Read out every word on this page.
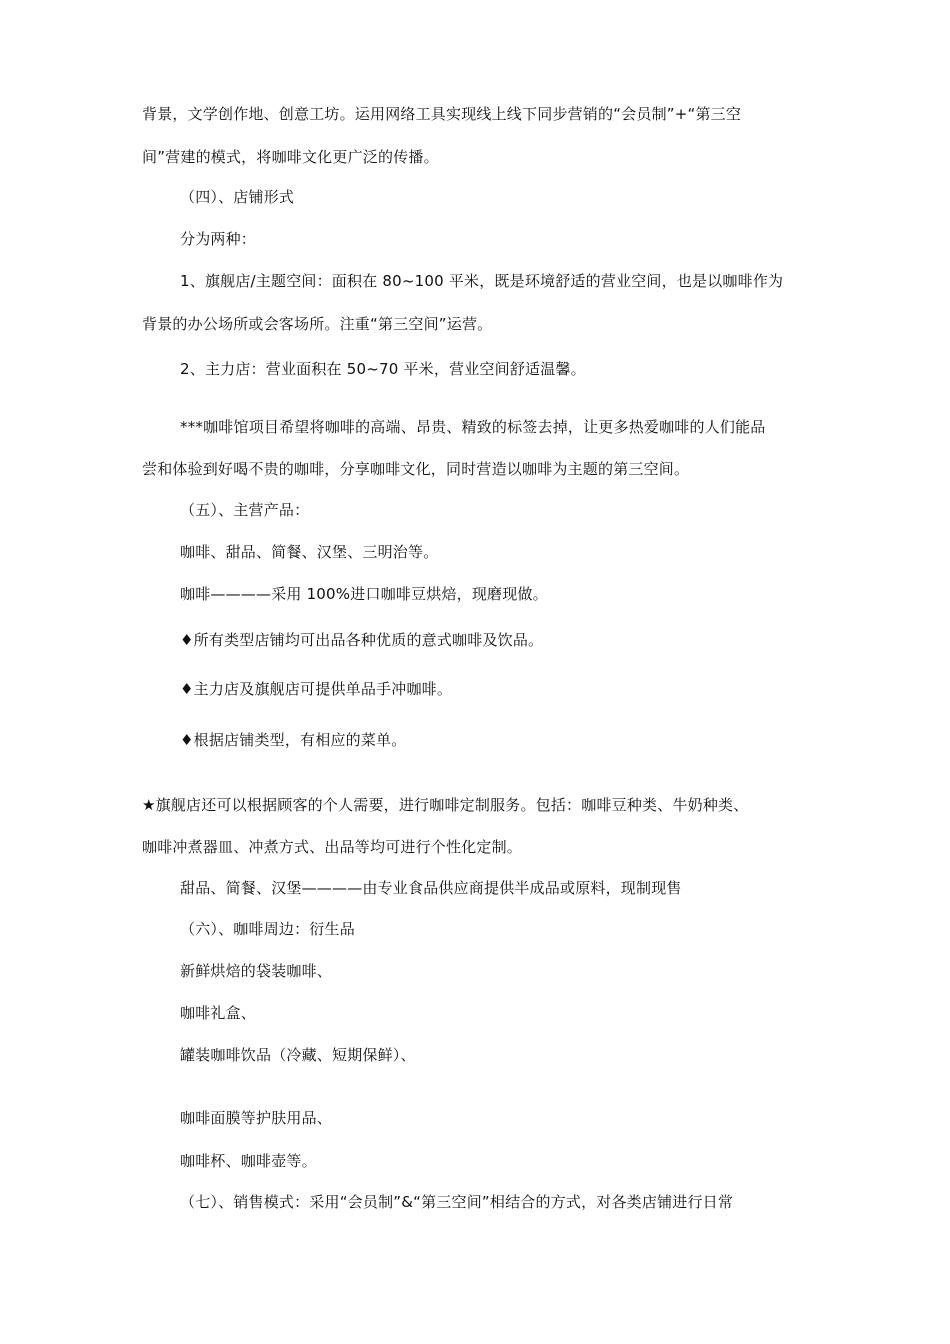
背景，文学创作地、创意工坊。运用网络工具实现线上线下同步营销的“会员制”+“第三空
间”营建的模式，将咖啡文化更广泛的传播。
（四）、店铺形式
分为两种：
1、旗舰店/主题空间：面积在 80~100 平米，既是环境舒适的营业空间，也是以咖啡作为
背景的办公场所或会客场所。注重“第三空间”运营。
2、主力店：营业面积在 50~70 平米，营业空间舒适温馨。
***咖啡馆项目希望将咖啡的高端、昂贵、精致的标签去掉，让更多热爱咖啡的人们能品
尝和体验到好喝不贵的咖啡，分享咖啡文化，同时营造以咖啡为主题的第三空间。
（五）、主营产品：
咖啡、甜品、简餐、汉堡、三明治等。
咖啡————采用 100%进口咖啡豆烘焙，现磨现做。
♦所有类型店铺均可出品各种优质的意式咖啡及饮品。
♦主力店及旗舰店可提供单品手冲咖啡。
♦根据店铺类型，有相应的菜单。
★旗舰店还可以根据顾客的个人需要，进行咖啡定制服务。包括：咖啡豆种类、牛奶种类、
咖啡冲煮器皿、冲煮方式、出品等均可进行个性化定制。
甜品、简餐、汉堡————由专业食品供应商提供半成品或原料，现制现售
（六）、咖啡周边：衍生品
新鲜烘焙的袋装咖啡、
咖啡礼盒、
罐装咖啡饮品（冷藏、短期保鲜）、
咖啡面膜等护肤用品、
咖啡杯、咖啡壶等。
（七）、销售模式：采用“会员制”&“第三空间”相结合的方式，对各类店铺进行日常
